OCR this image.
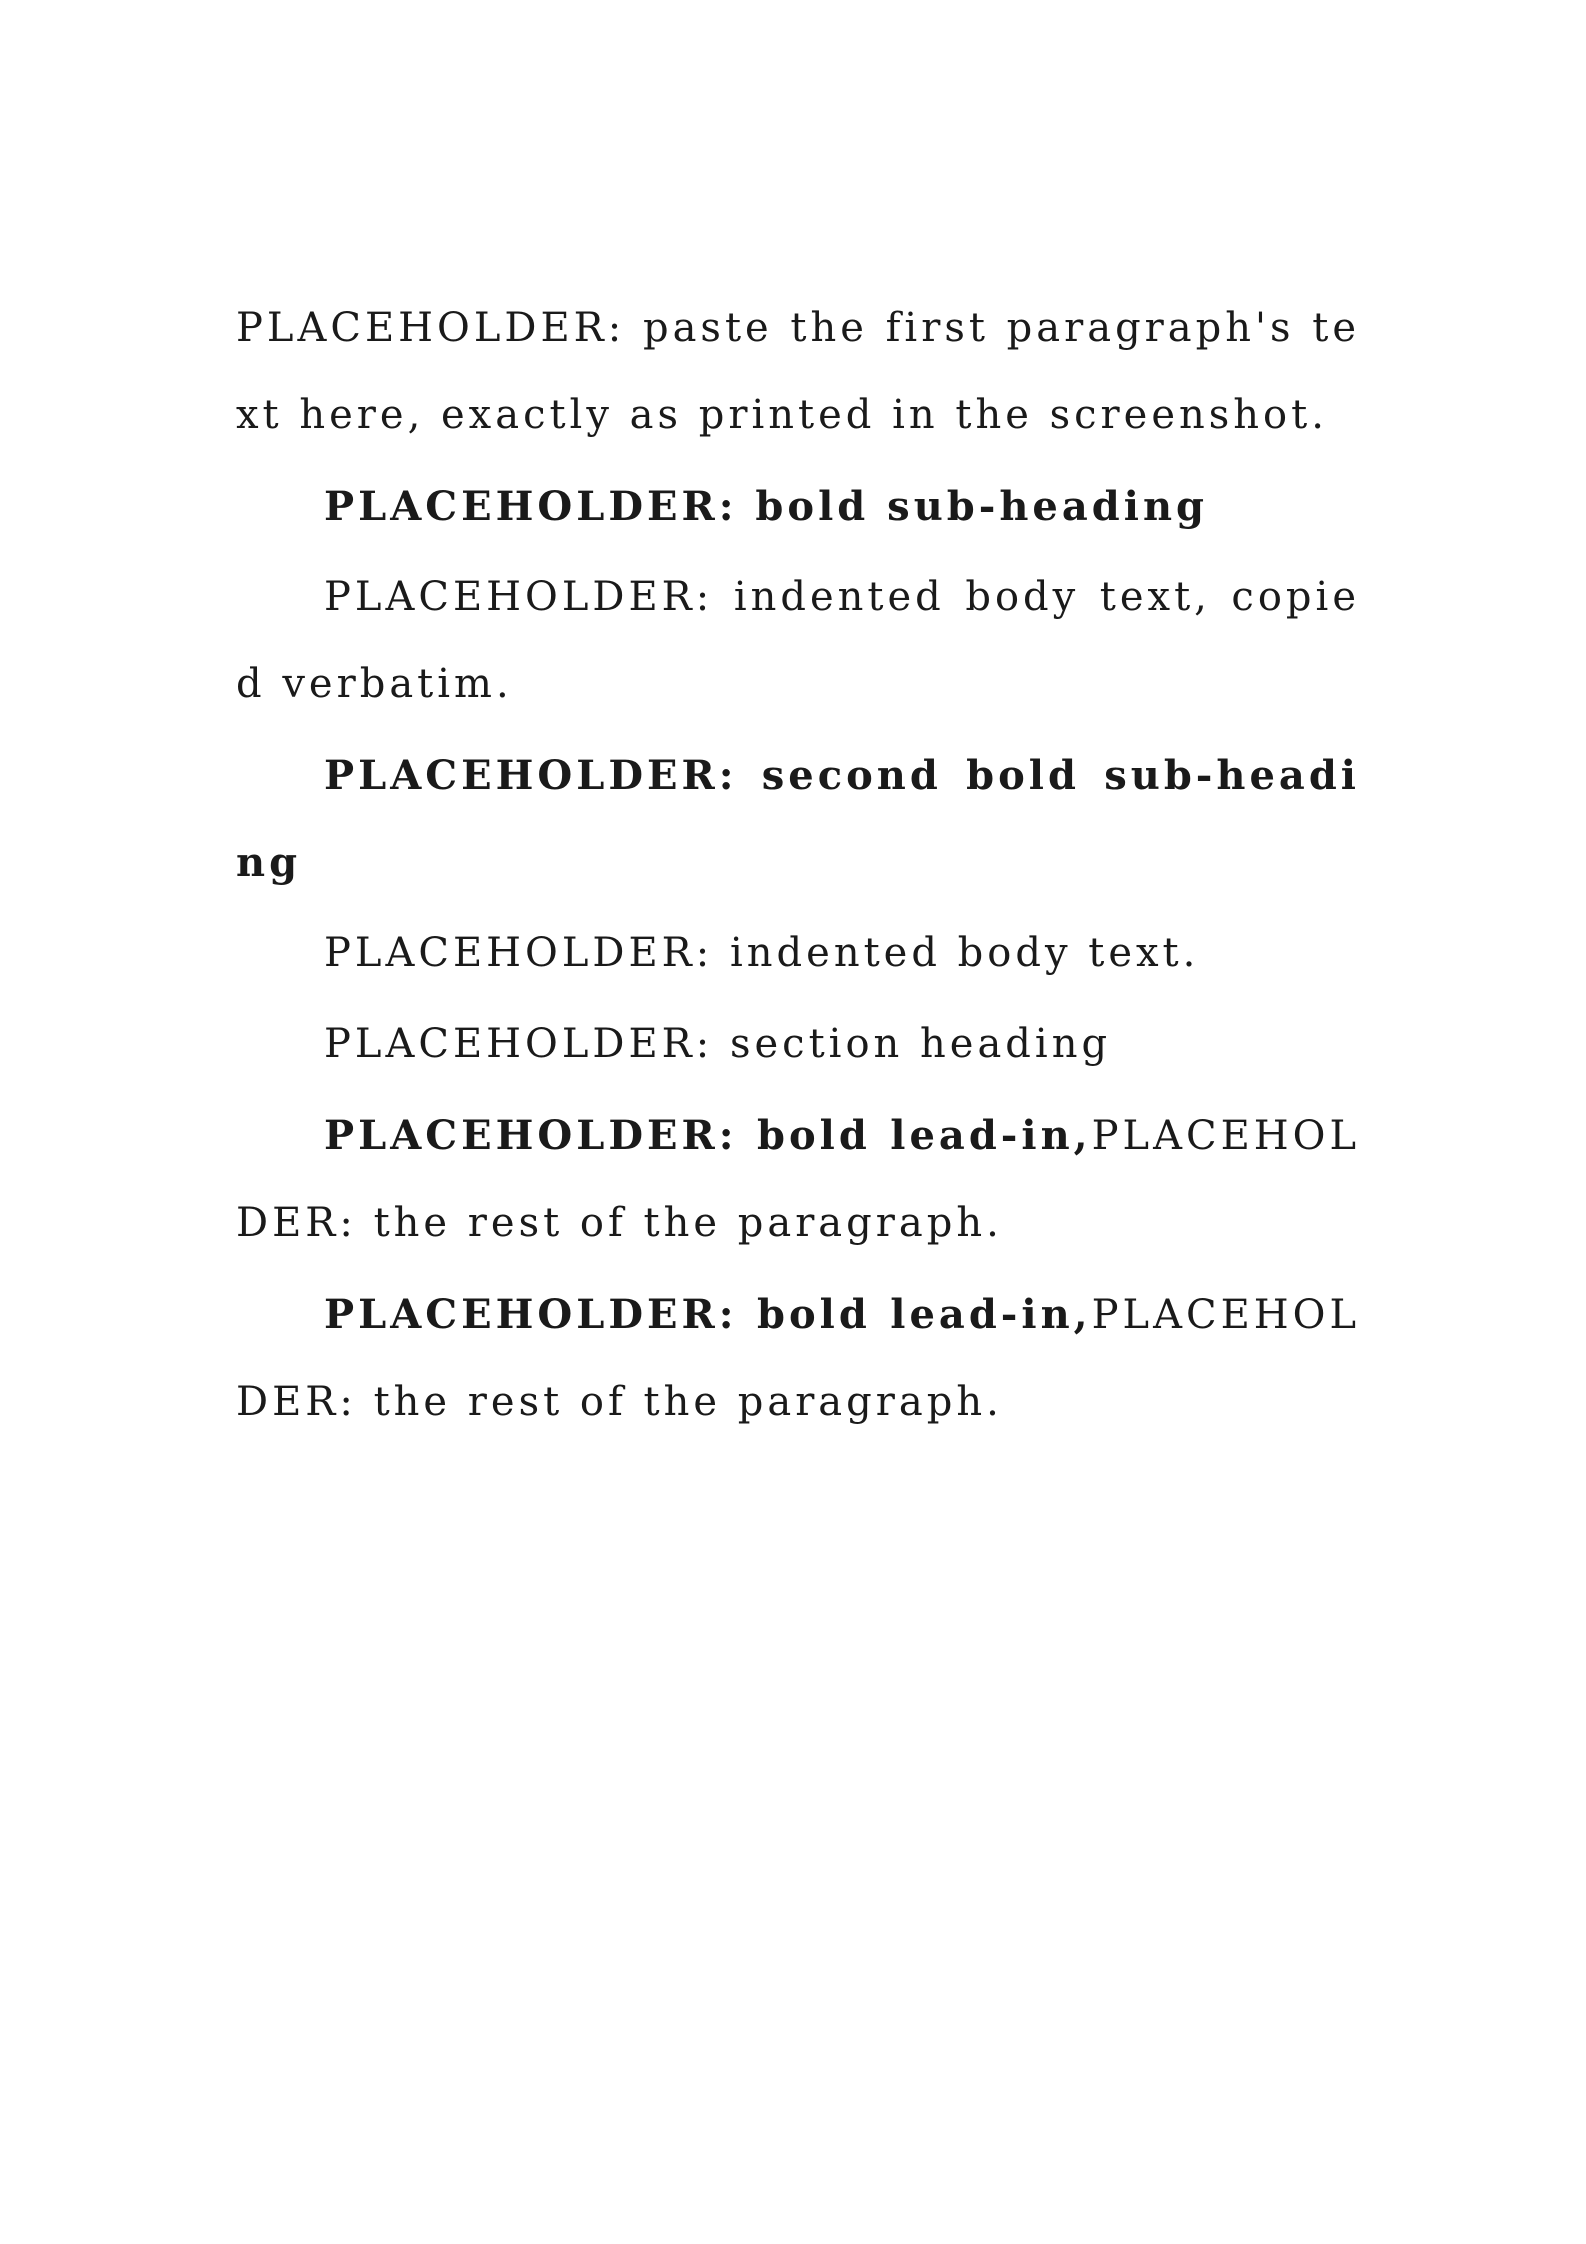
PLACEHOLDER: paste the first paragraph's text here, exactly as printed in the screenshot.

PLACEHOLDER: bold sub-heading

PLACEHOLDER: indented body text, copied verbatim.

PLACEHOLDER: second bold sub-heading

PLACEHOLDER: indented body text.

PLACEHOLDER: section heading

PLACEHOLDER: bold lead-in,PLACEHOLDER: the rest of the paragraph.

PLACEHOLDER: bold lead-in,PLACEHOLDER: the rest of the paragraph.
